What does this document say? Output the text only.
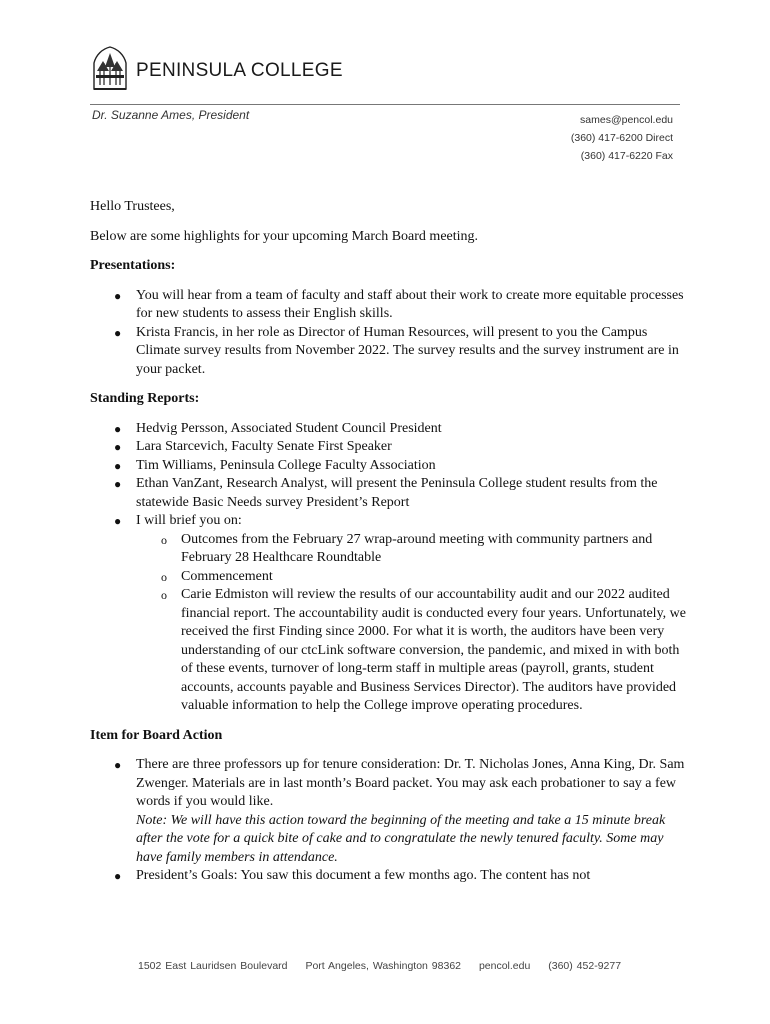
PENINSULA COLLEGE
Dr. Suzanne Ames, President	sames@pencol.edu
(360) 417-6200 Direct
(360) 417-6220 Fax

Hello Trustees,

Below are some highlights for your upcoming March Board meeting.

Presentations:

● You will hear from a team of faculty and staff about their work to create more equitable processes for new students to assess their English skills.
● Krista Francis, in her role as Director of Human Resources, will present to you the Campus Climate survey results from November 2022. The survey results and the survey instrument are in your packet.

Standing Reports:

● Hedvig Persson, Associated Student Council President
● Lara Starcevich, Faculty Senate First Speaker
● Tim Williams, Peninsula College Faculty Association
● Ethan VanZant, Research Analyst, will present the Peninsula College student results from the statewide Basic Needs survey President’s Report
● I will brief you on:
o Outcomes from the February 27 wrap-around meeting with community partners and February 28 Healthcare Roundtable
o Commencement
o Carie Edmiston will review the results of our accountability audit and our 2022 audited financial report. The accountability audit is conducted every four years. Unfortunately, we received the first Finding since 2000. For what it is worth, the auditors have been very understanding of our ctcLink software conversion, the pandemic, and mixed in with both of these events, turnover of long-term staff in multiple areas (payroll, grants, student accounts, accounts payable and Business Services Director). The auditors have provided valuable information to help the College improve operating procedures.

Item for Board Action

● There are three professors up for tenure consideration: Dr. T. Nicholas Jones, Anna King, Dr. Sam Zwenger. Materials are in last month’s Board packet. You may ask each probationer to say a few words if you would like.
Note: We will have this action toward the beginning of the meeting and take a 15 minute break after the vote for a quick bite of cake and to congratulate the newly tenured faculty. Some may have family members in attendance.
● President’s Goals: You saw this document a few months ago. The content has not
1502 East Lauridsen Boulevard Port Angeles, Washington 98362 pencol.edu (360) 452-9277
